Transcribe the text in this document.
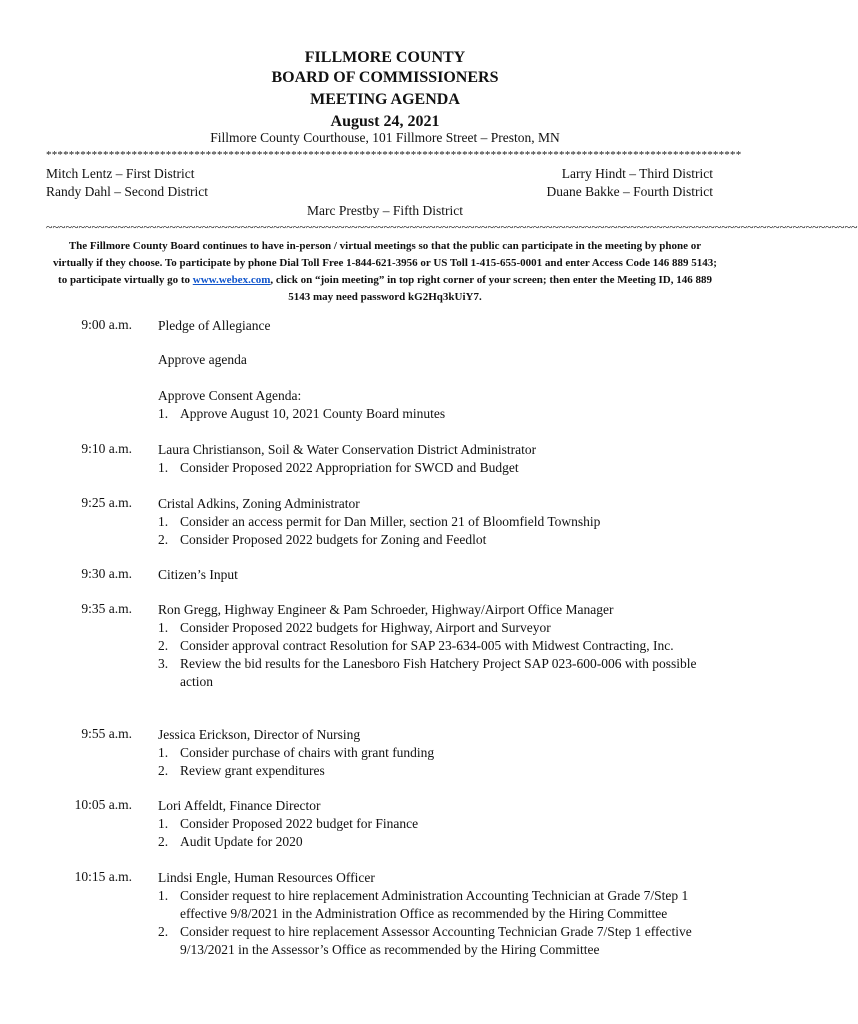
FILLMORE COUNTY
BOARD OF COMMISSIONERS
MEETING AGENDA
August 24, 2021
Fillmore County Courthouse, 101 Fillmore Street – Preston, MN
**************************************************************************************************************************
Mitch Lentz – First District
Randy Dahl – Second District
Larry Hindt – Third District
Duane Bakke – Fourth District
Marc Prestby – Fifth District
~~~~~~~~~~~~~~~~~~~~~~~~~~~~~~~~~~~~~~~~~~~~~~~~~~~~~~~~~~~~~~~~~~~~~~~~~~~~~~~~~~~~~~~~~~~~~~~~~~~~~~~~~~~~~~~~~~~~~~~~~~~~~
The Fillmore County Board continues to have in-person / virtual meetings so that the public can participate in the meeting by phone or virtually if they choose. To participate by phone Dial Toll Free 1-844-621-3956 or US Toll 1-415-655-0001 and enter Access Code 146 889 5143; to participate virtually go to www.webex.com, click on “join meeting” in top right corner of your screen; then enter the Meeting ID, 146 889 5143 may need password kG2Hq3kUiY7.
9:00 a.m. Pledge of Allegiance
Approve agenda
Approve Consent Agenda:
1. Approve August 10, 2021 County Board minutes
9:10 a.m. Laura Christianson, Soil & Water Conservation District Administrator
1. Consider Proposed 2022 Appropriation for SWCD and Budget
9:25 a.m. Cristal Adkins, Zoning Administrator
1. Consider an access permit for Dan Miller, section 21 of Bloomfield Township
2. Consider Proposed 2022 budgets for Zoning and Feedlot
9:30 a.m. Citizen’s Input
9:35 a.m. Ron Gregg, Highway Engineer & Pam Schroeder, Highway/Airport Office Manager
1. Consider Proposed 2022 budgets for Highway, Airport and Surveyor
2. Consider approval contract Resolution for SAP 23-634-005 with Midwest Contracting, Inc.
3. Review the bid results for the Lanesboro Fish Hatchery Project SAP 023-600-006 with possible action
9:55 a.m. Jessica Erickson, Director of Nursing
1. Consider purchase of chairs with grant funding
2. Review grant expenditures
10:05 a.m. Lori Affeldt, Finance Director
1. Consider Proposed 2022 budget for Finance
2. Audit Update for 2020
10:15 a.m. Lindsi Engle, Human Resources Officer
1. Consider request to hire replacement Administration Accounting Technician at Grade 7/Step 1 effective 9/8/2021 in the Administration Office as recommended by the Hiring Committee
2. Consider request to hire replacement Assessor Accounting Technician Grade 7/Step 1 effective 9/13/2021 in the Assessor’s Office as recommended by the Hiring Committee
